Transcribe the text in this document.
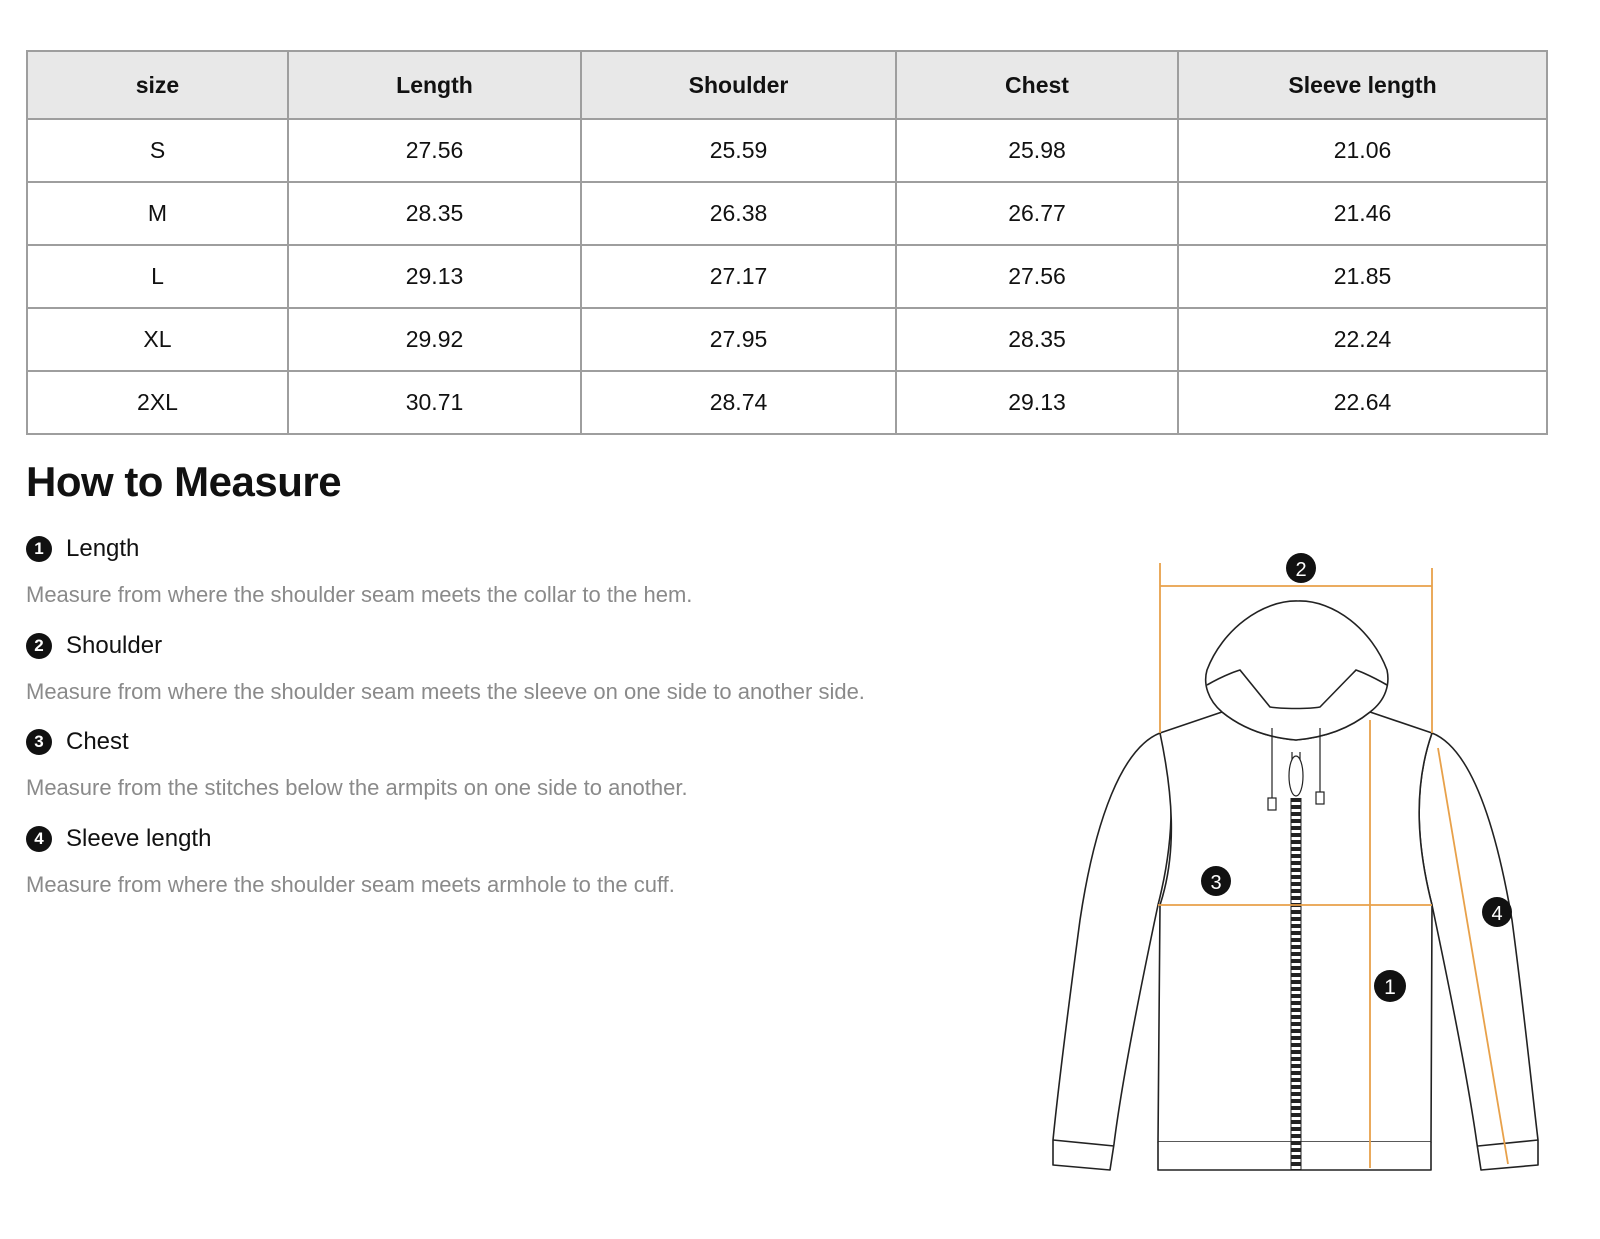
size	Length	Shoulder	Chest	Sleeve length
S	27.56	25.59	25.98	21.06
M	28.35	26.38	26.77	21.46
L	29.13	27.17	27.56	21.85
XL	29.92	27.95	28.35	22.24
2XL	30.71	28.74	29.13	22.64
How to Measure
1 Length
Measure from where the shoulder seam meets the collar to the hem.
2 Shoulder
Measure from where the shoulder seam meets the sleeve on one side to another side.
3 Chest
Measure from the stitches below the armpits on one side to another.
4 Sleeve length
Measure from where the shoulder seam meets armhole to the cuff.
2
3
1
4
